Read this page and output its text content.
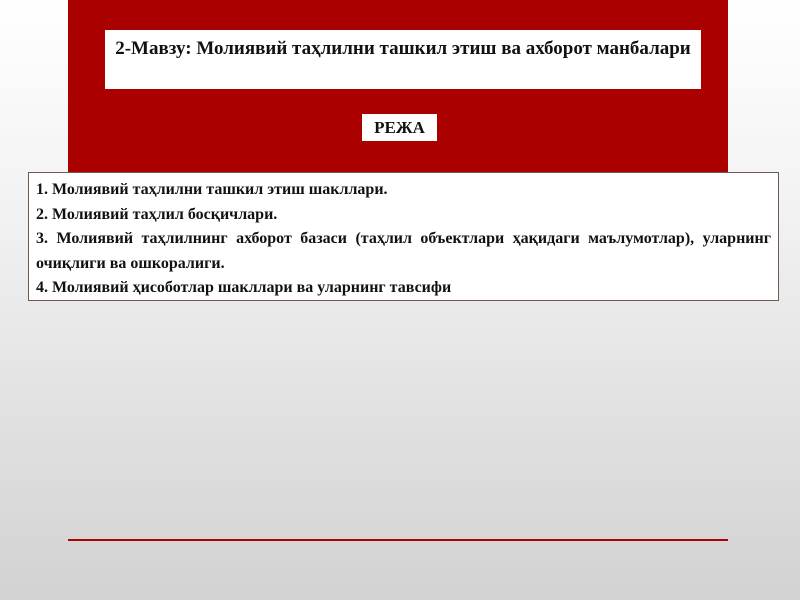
2-Мавзу: Молиявий таҳлилни ташкил этиш ва ахборот манбалари
РЕЖА

1. Молиявий таҳлилни ташкил этиш шакллари.

2. Молиявий таҳлил босқичлари.

3. Молиявий таҳлилнинг ахборот базаси (таҳлил объектлари ҳақидаги маълумотлар), уларнинг очиқлиги ва ошкоралиги.

4. Молиявий ҳисоботлар шакллари ва уларнинг тавсифи
